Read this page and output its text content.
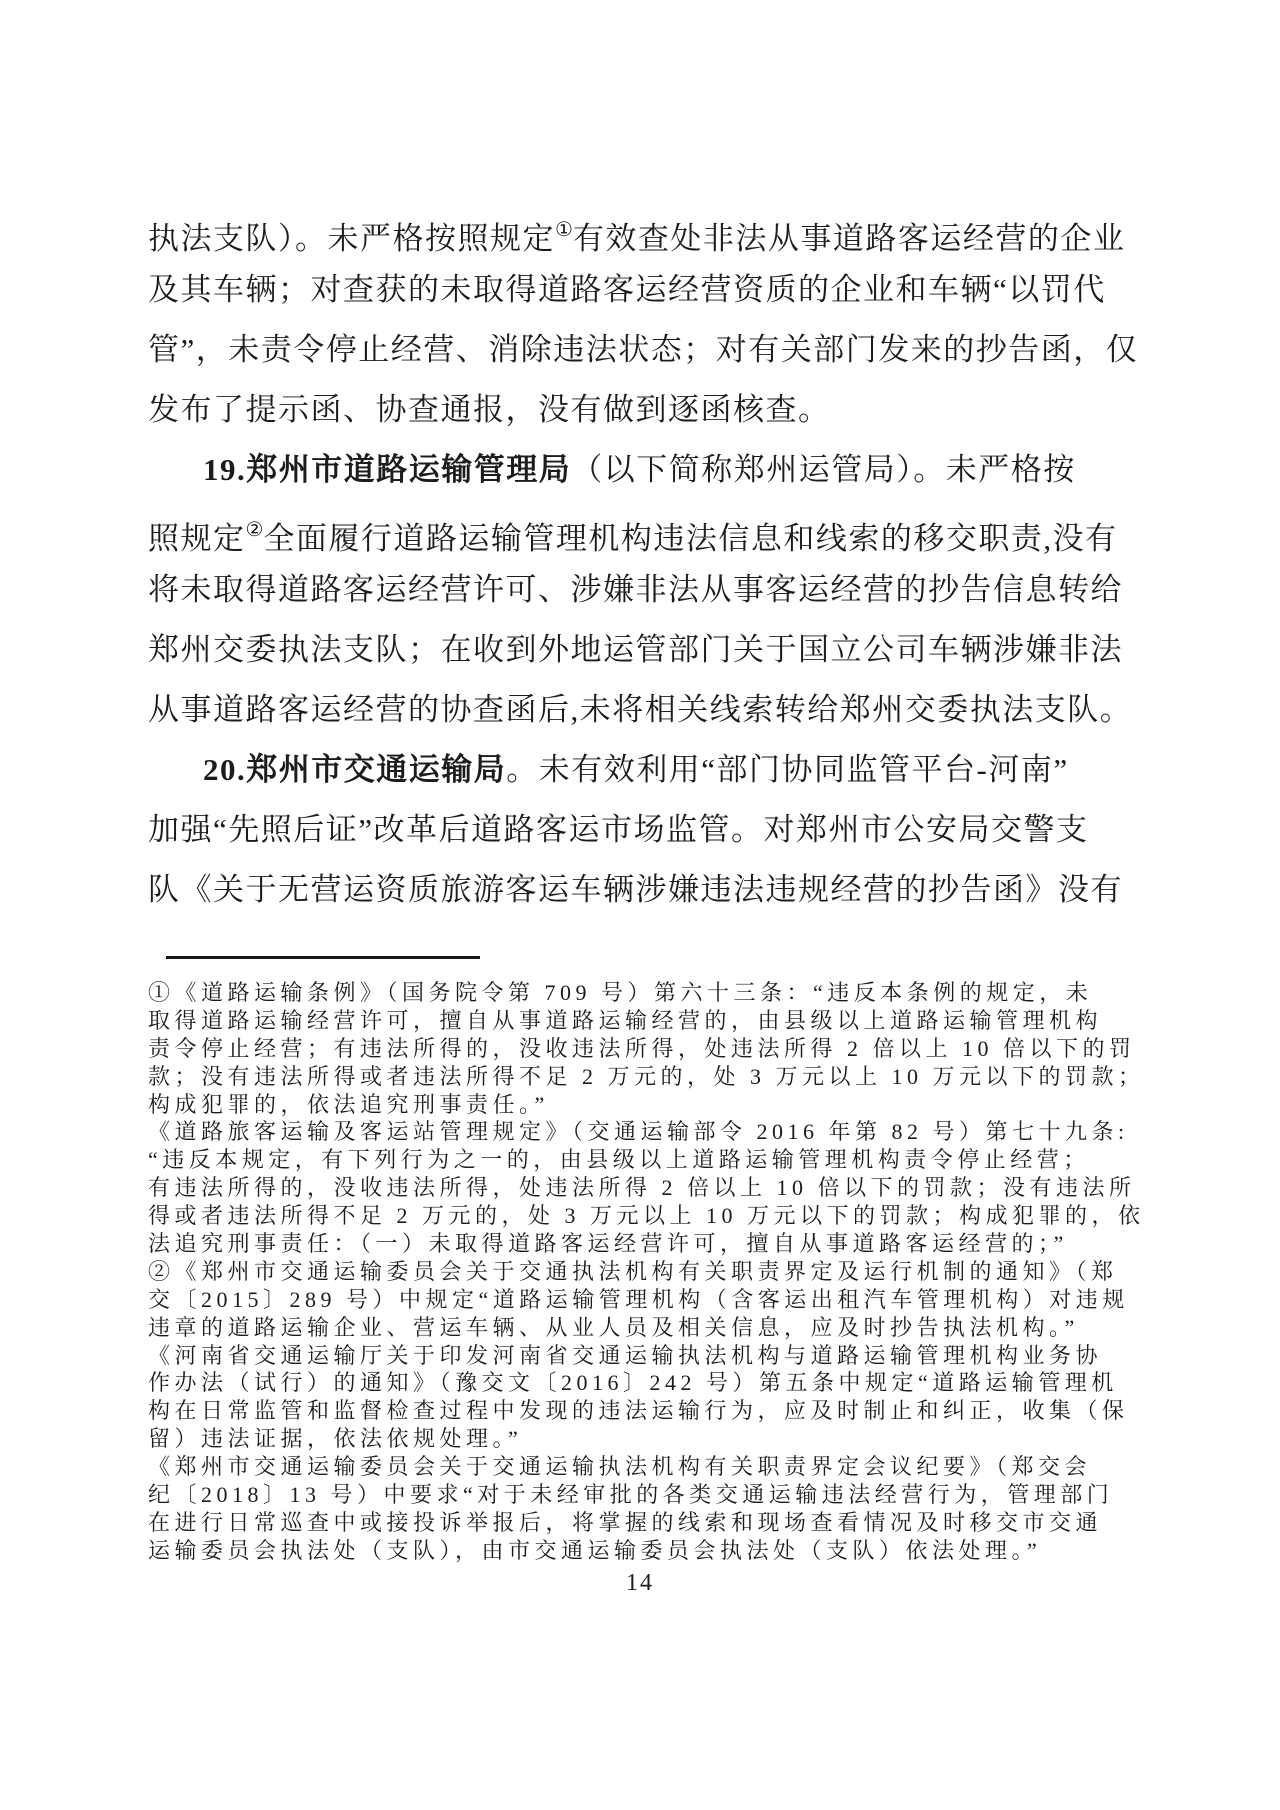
执法支队）。未严格按照规定①有效查处非法从事道路客运经营的企业
及其车辆；对查获的未取得道路客运经营资质的企业和车辆“以罚代
管”，未责令停止经营、消除违法状态；对有关部门发来的抄告函，仅
发布了提示函、协查通报，没有做到逐函核查。
19.郑州市道路运输管理局（以下简称郑州运管局）。未严格按
照规定②全面履行道路运输管理机构违法信息和线索的移交职责,没有
将未取得道路客运经营许可、涉嫌非法从事客运经营的抄告信息转给
郑州交委执法支队；在收到外地运管部门关于国立公司车辆涉嫌非法
从事道路客运经营的协查函后,未将相关线索转给郑州交委执法支队。
20.郑州市交通运输局。未有效利用“部门协同监管平台-河南”
加强“先照后证”改革后道路客运市场监管。对郑州市公安局交警支
队《关于无营运资质旅游客运车辆涉嫌违法违规经营的抄告函》没有
①《道路运输条例》（国务院令第 709 号）第六十三条：“违反本条例的规定，未
取得道路运输经营许可，擅自从事道路运输经营的，由县级以上道路运输管理机构
责令停止经营；有违法所得的，没收违法所得，处违法所得 2 倍以上 10 倍以下的罚
款；没有违法所得或者违法所得不足 2 万元的，处 3 万元以上 10 万元以下的罚款；
构成犯罪的，依法追究刑事责任。”
《道路旅客运输及客运站管理规定》（交通运输部令 2016 年第 82 号）第七十九条:
“违反本规定，有下列行为之一的，由县级以上道路运输管理机构责令停止经营；
有违法所得的，没收违法所得，处违法所得 2 倍以上 10 倍以下的罚款；没有违法所
得或者违法所得不足 2 万元的，处 3 万元以上 10 万元以下的罚款；构成犯罪的，依
法追究刑事责任：（一）未取得道路客运经营许可，擅自从事道路客运经营的；”
②《郑州市交通运输委员会关于交通执法机构有关职责界定及运行机制的通知》（郑
交〔2015〕289 号）中规定“道路运输管理机构（含客运出租汽车管理机构）对违规
违章的道路运输企业、营运车辆、从业人员及相关信息，应及时抄告执法机构。”
《河南省交通运输厅关于印发河南省交通运输执法机构与道路运输管理机构业务协
作办法（试行）的通知》（豫交文〔2016〕242 号）第五条中规定“道路运输管理机
构在日常监管和监督检查过程中发现的违法运输行为，应及时制止和纠正，收集（保
留）违法证据，依法依规处理。”
《郑州市交通运输委员会关于交通运输执法机构有关职责界定会议纪要》（郑交会
纪〔2018〕13 号）中要求“对于未经审批的各类交通运输违法经营行为，管理部门
在进行日常巡查中或接投诉举报后，将掌握的线索和现场查看情况及时移交市交通
运输委员会执法处（支队），由市交通运输委员会执法处（支队）依法处理。”
14
